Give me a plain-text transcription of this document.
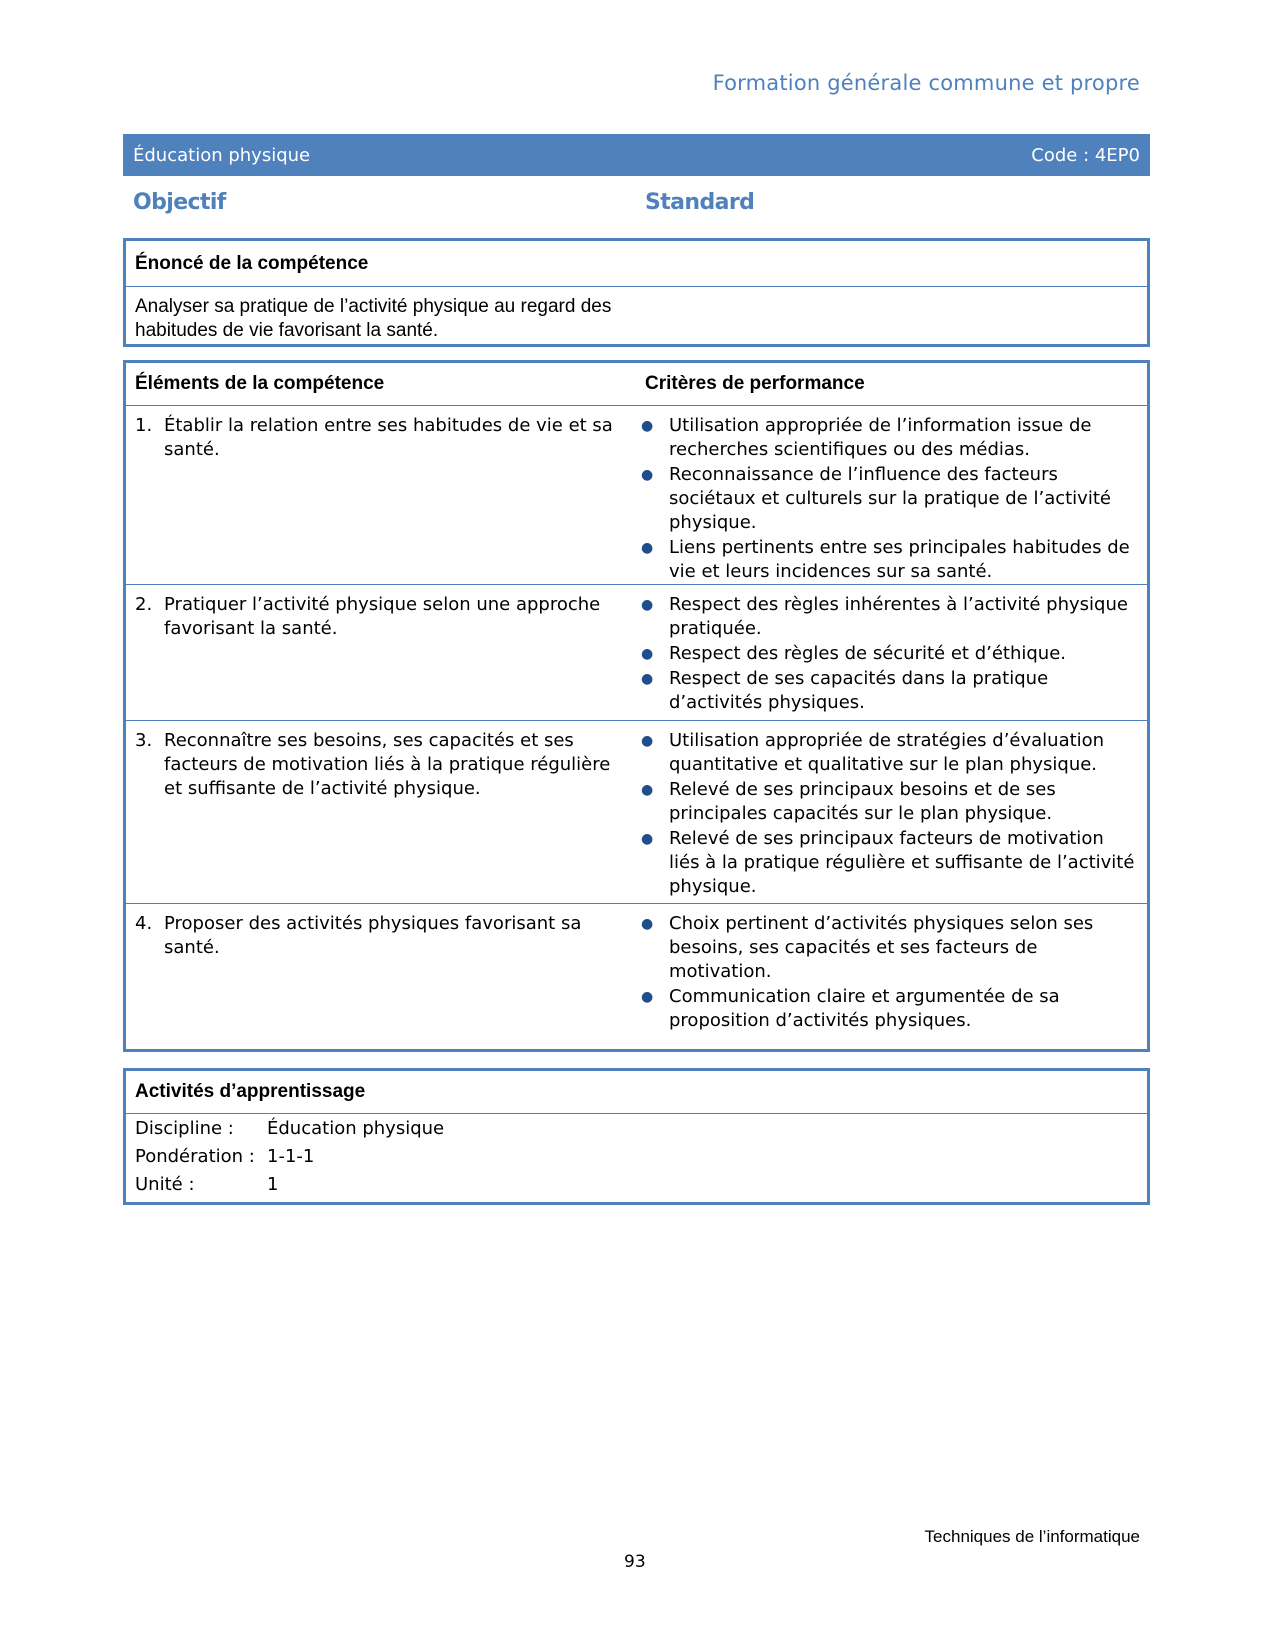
Formation générale commune et propre
Éducation physique	Code : 4EP0
Objectif	Standard
Énoncé de la compétence
Analyser sa pratique de l’activité physique au regard des habitudes de vie favorisant la santé.
Éléments de la compétence	Critères de performance
1. Établir la relation entre ses habitudes de vie et sa santé.
● Utilisation appropriée de l’information issue de recherches scientifiques ou des médias.
● Reconnaissance de l’influence des facteurs sociétaux et culturels sur la pratique de l’activité physique.
● Liens pertinents entre ses principales habitudes de vie et leurs incidences sur sa santé.
2. Pratiquer l’activité physique selon une approche favorisant la santé.
● Respect des règles inhérentes à l’activité physique pratiquée.
● Respect des règles de sécurité et d’éthique.
● Respect de ses capacités dans la pratique d’activités physiques.
3. Reconnaître ses besoins, ses capacités et ses facteurs de motivation liés à la pratique régulière et suffisante de l’activité physique.
● Utilisation appropriée de stratégies d’évaluation quantitative et qualitative sur le plan physique.
● Relevé de ses principaux besoins et de ses principales capacités sur le plan physique.
● Relevé de ses principaux facteurs de motivation liés à la pratique régulière et suffisante de l’activité physique.
4. Proposer des activités physiques favorisant sa santé.
● Choix pertinent d’activités physiques selon ses besoins, ses capacités et ses facteurs de motivation.
● Communication claire et argumentée de sa proposition d’activités physiques.
Activités d’apprentissage
Discipline :	Éducation physique
Pondération : 1-1-1
Unité :	1
Techniques de l’informatique
93
